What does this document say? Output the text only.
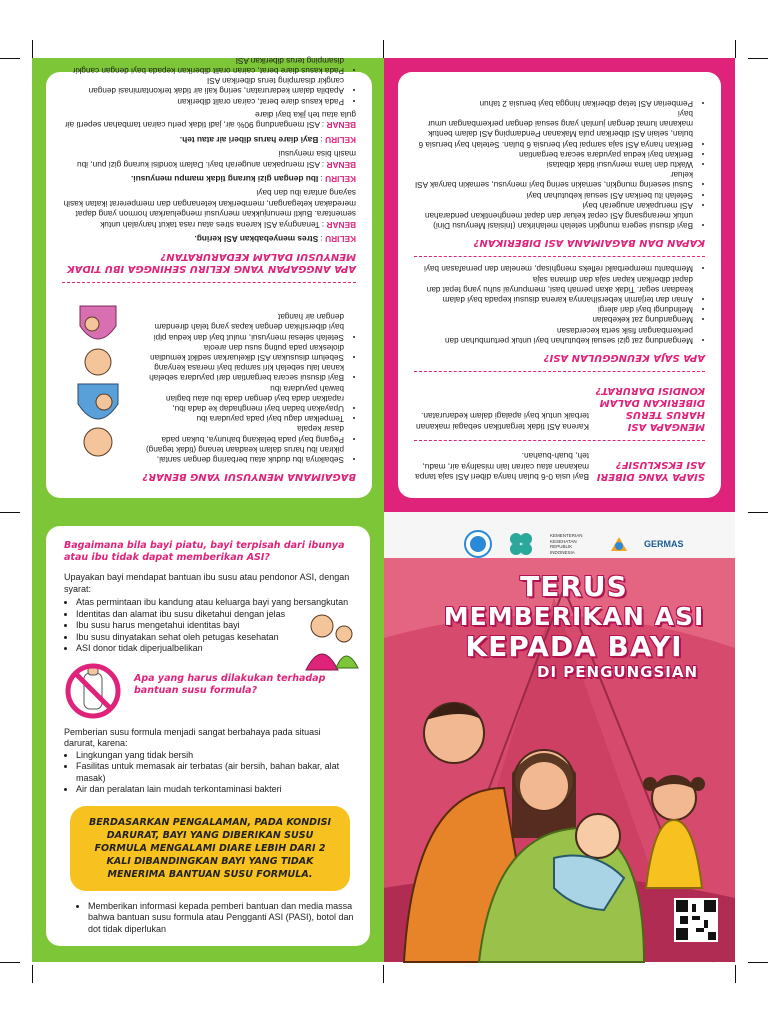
BAGAIMANA MENYUSUI YANG BENAR?
• Sebaiknya ibu duduk atau berbaring dengan santai, pikiran ibu harus dalam keadaan tenang (tidak tegang)
• Pegang bayi pada belakang bahunya, bukan pada dasar kepala
• Tempelkan dagu bayi pada payudara ibu
• Upayakan badan bayi menghadap ke dada ibu, rapatkan dada bayi dengan dada ibu atau bagian bawah payudara ibu
• Bayi disusui secara bergantian dari payudara sebelah kanan lalu sebelah kiri sampai bayi merasa kenyang
• Sebelum disusukan ASI dikeluarkan sedikit kemudian dioleskan pada puting susu dan areola
• Setelah selesai menyusui, mulut bayi dan kedua pipi bayi dibersihkan dengan kapas yang telah direndam dengan air hangat
APA ANGGAPAN YANG KELIRU SEHINGGA IBU TIDAK MENYUSUI DALAM KEDARURATAN?
KELIRU : Stres menyebabkan ASI kering.
BENAR : Tenangnya ASI karena stres atau rasa takut hanyalah untuk sementara. Bukti menunjukkan menyusui mengeluarkan hormon yang dapat meredakan ketegangan, memberikan ketenangan dan mempererat ikatan kasih sayang antara ibu dan bayi
KELIRU : Ibu dengan gizi kurang tidak mampu menyusui.
BENAR : ASI merupakan anugerah bayi. Dalam kondisi kurang gizi pun, ibu masih bisa menyusui
KELIRU : Bayi diare harus diberi air atau teh.
BENAR : ASI mengandung 90% air, jadi tidak perlu cairan tambahan seperti air gula atau teh jika bayi diare
• Pada kasus diare berat, cairan oralit diberikan
• Apabila dalam kedaruratan, sering kali air tidak terkontaminasi dengan cangkir disamping terus diberikan ASI
• Pada kasus diare berat, cairan oralit diberikan kepada bayi dengan cangkir disamping terus diberikan ASI
SIAPA YANG DIBERI ASI EKSKLUSIF?
Bayi usia 0-6 bulan hanya diberi ASI saja tanpa makanan atau cairan lain misalnya air, madu, teh, buah-buahan.
MENGAPA ASI HARUS TERUS DIBERIKAN DALAM KONDISI DARURAT?
Karena ASI tidak tergantikan sebagai makanan terbaik untuk bayi apalagi dalam kedaruratan.
APA SAJA KEUNGGULAN ASI?
• Mengandung zat gizi sesuai kebutuhan bayi untuk pertumbuhan dan perkembangan fisik serta kecerdasan
• Mengandung zat kekebalan
• Melindungi bayi dari alergi
• Aman dan terjamin kebersihannya karena disusui kepada bayi dalam keadaan segar. Tidak akan pernah basi, mempunyai suhu yang tepat dan dapat diberikan kapan saja dan dimana saja
• Membantu memperbaiki refleks menghisap, menelan dan pernafasan bayi
KAPAN DAN BAGAIMANA ASI DIBERIKAN?
• Bayi disusui segera mungkin setelah melahirkan (Inisiasi Menyusu Dini) untuk merangsang ASI cepat keluar dan dapat menghentikan pendarahan
• ASI merupakan anugerah bayi
• Setelah itu berikan ASI sesuai kebutuhan bayi
• Susui sesering mungkin, semakin sering bayi menyusu, semakin banyak ASI keluar
• Waktu dan lama menyusui tidak dibatasi
• Berikan bayi kedua payudara secara bergantian
• Berikan hanya ASI saja sampai bayi berusia 6 bulan. Setelah bayi berusia 6 bulan, selain ASI diberikan pula Makanan Pendamping ASI dalam bentuk makanan lumat dengan jumlah yang sesuai dengan perkembangan umur bayi
• Pemberian ASI tetap diberikan hingga bayi berusia 2 tahun
Bagaimana bila bayi piatu, bayi terpisah dari ibunya atau ibu tidak dapat memberikan ASI?
Upayakan bayi mendapat bantuan ibu susu atau pendonor ASI, dengan syarat:
• Atas permintaan ibu kandung atau keluarga bayi yang bersangkutan
• Identitas dan alamat ibu susu diketahui dengan jelas
• Ibu susu harus mengetahui identitas bayi
• Ibu susu dinyatakan sehat oleh petugas kesehatan
• ASI donor tidak diperjualbelikan
Apa yang harus dilakukan terhadap bantuan susu formula?
Pemberian susu formula menjadi sangat berbahaya pada situasi darurat, karena:
• Lingkungan yang tidak bersih
• Fasilitas untuk memasak air terbatas (air bersih, bahan bakar, alat masak)
• Air dan peralatan lain mudah terkontaminasi bakteri
BERDASARKAN PENGALAMAN, PADA KONDISI DARURAT, BAYI YANG DIBERIKAN SUSU FORMULA MENGALAMI DIARE LEBIH DARI 2 KALI DIBANDINGKAN BAYI YANG TIDAK MENERIMA BANTUAN SUSU FORMULA.
• Memberikan informasi kepada pemberi bantuan dan media massa bahwa bantuan susu formula atau Pengganti ASI (PASI), botol dan dot tidak diperlukan
KEMENTERIAN KESEHATAN REPUBLIK INDONESIA
GERMAS
TERUS
MEMBERIKAN ASI
KEPADA BAYI
DI PENGUNGSIAN
